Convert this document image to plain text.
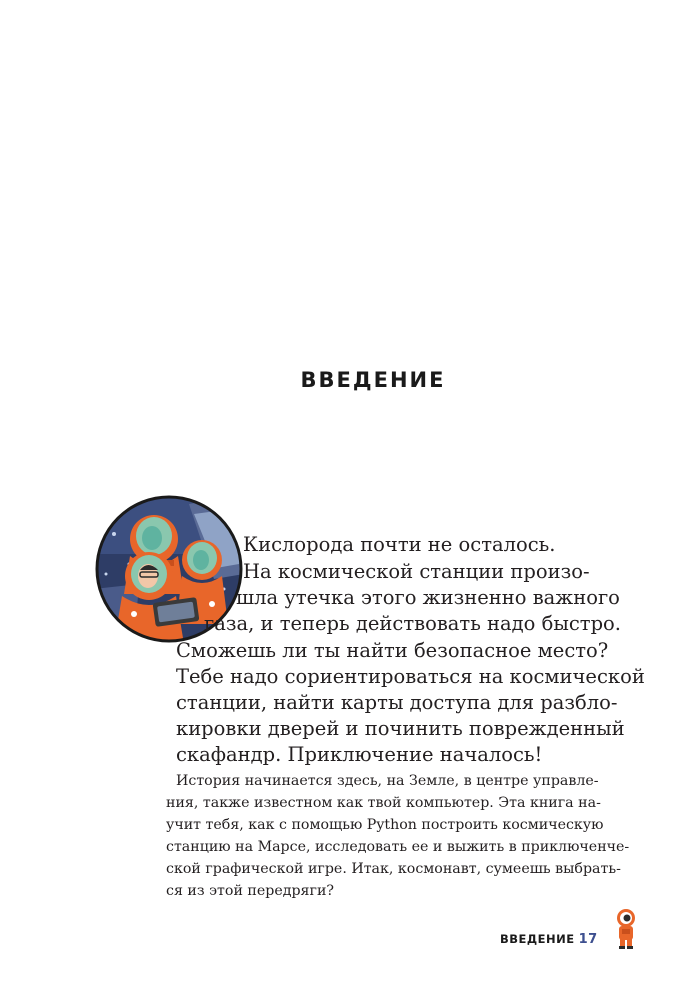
ВВЕДЕНИЕ

Кислорода почти не осталось.

На космической станции произо-

шла утечка этого жизненно важного

газа, и теперь действовать надо быстро.

Сможешь ли ты найти безопасное место?

Тебе надо сориентироваться на космической

станции, найти карты доступа для разбло-

кировки дверей и починить поврежденный

скафандр. Приключение началось!

История начинается здесь, на Земле, в центре управле-

ния, также известном как твой компьютер. Эта книга на-

учит тебя, как с помощью Python построить космическую

станцию на Марсе, исследовать ее и выжить в приключенче-

ской графической игре. Итак, космонавт, сумеешь выбрать-

ся из этой передряги?

ВВЕДЕНИЕ 17
